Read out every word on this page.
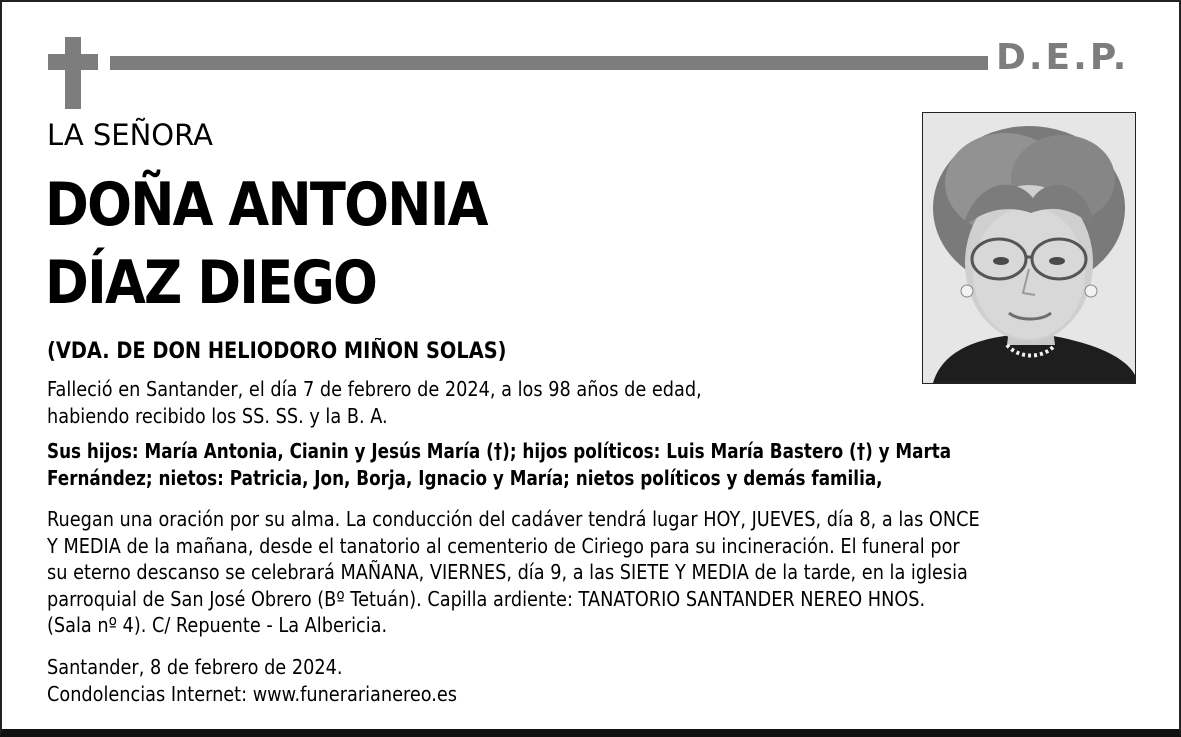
D.E.P.
LA SEÑORA
DOÑA ANTONIA
DÍAZ DIEGO
(VDA. DE DON HELIODORO MIÑON SOLAS)

Falleció en Santander, el día 7 de febrero de 2024, a los 98 años de edad,

habiendo recibido los SS. SS. y la B. A.

Sus hijos: María Antonia, Cianin y Jesús María (†); hijos políticos: Luis María Bastero (†) y Marta

Fernández; nietos: Patricia, Jon, Borja, Ignacio y María; nietos políticos y demás familia,

Ruegan una oración por su alma. La conducción del cadáver tendrá lugar HOY, JUEVES, día 8, a las ONCE

Y MEDIA de la mañana, desde el tanatorio al cementerio de Ciriego para su incineración. El funeral por

su eterno descanso se celebrará MAÑANA, VIERNES, día 9, a las SIETE Y MEDIA de la tarde, en la iglesia

parroquial de San José Obrero (Bº Tetuán). Capilla ardiente: TANATORIO SANTANDER NEREO HNOS.

(Sala nº 4). C/ Repuente - La Albericia.

Santander, 8 de febrero de 2024.

Condolencias Internet: www.funerarianereo.es
